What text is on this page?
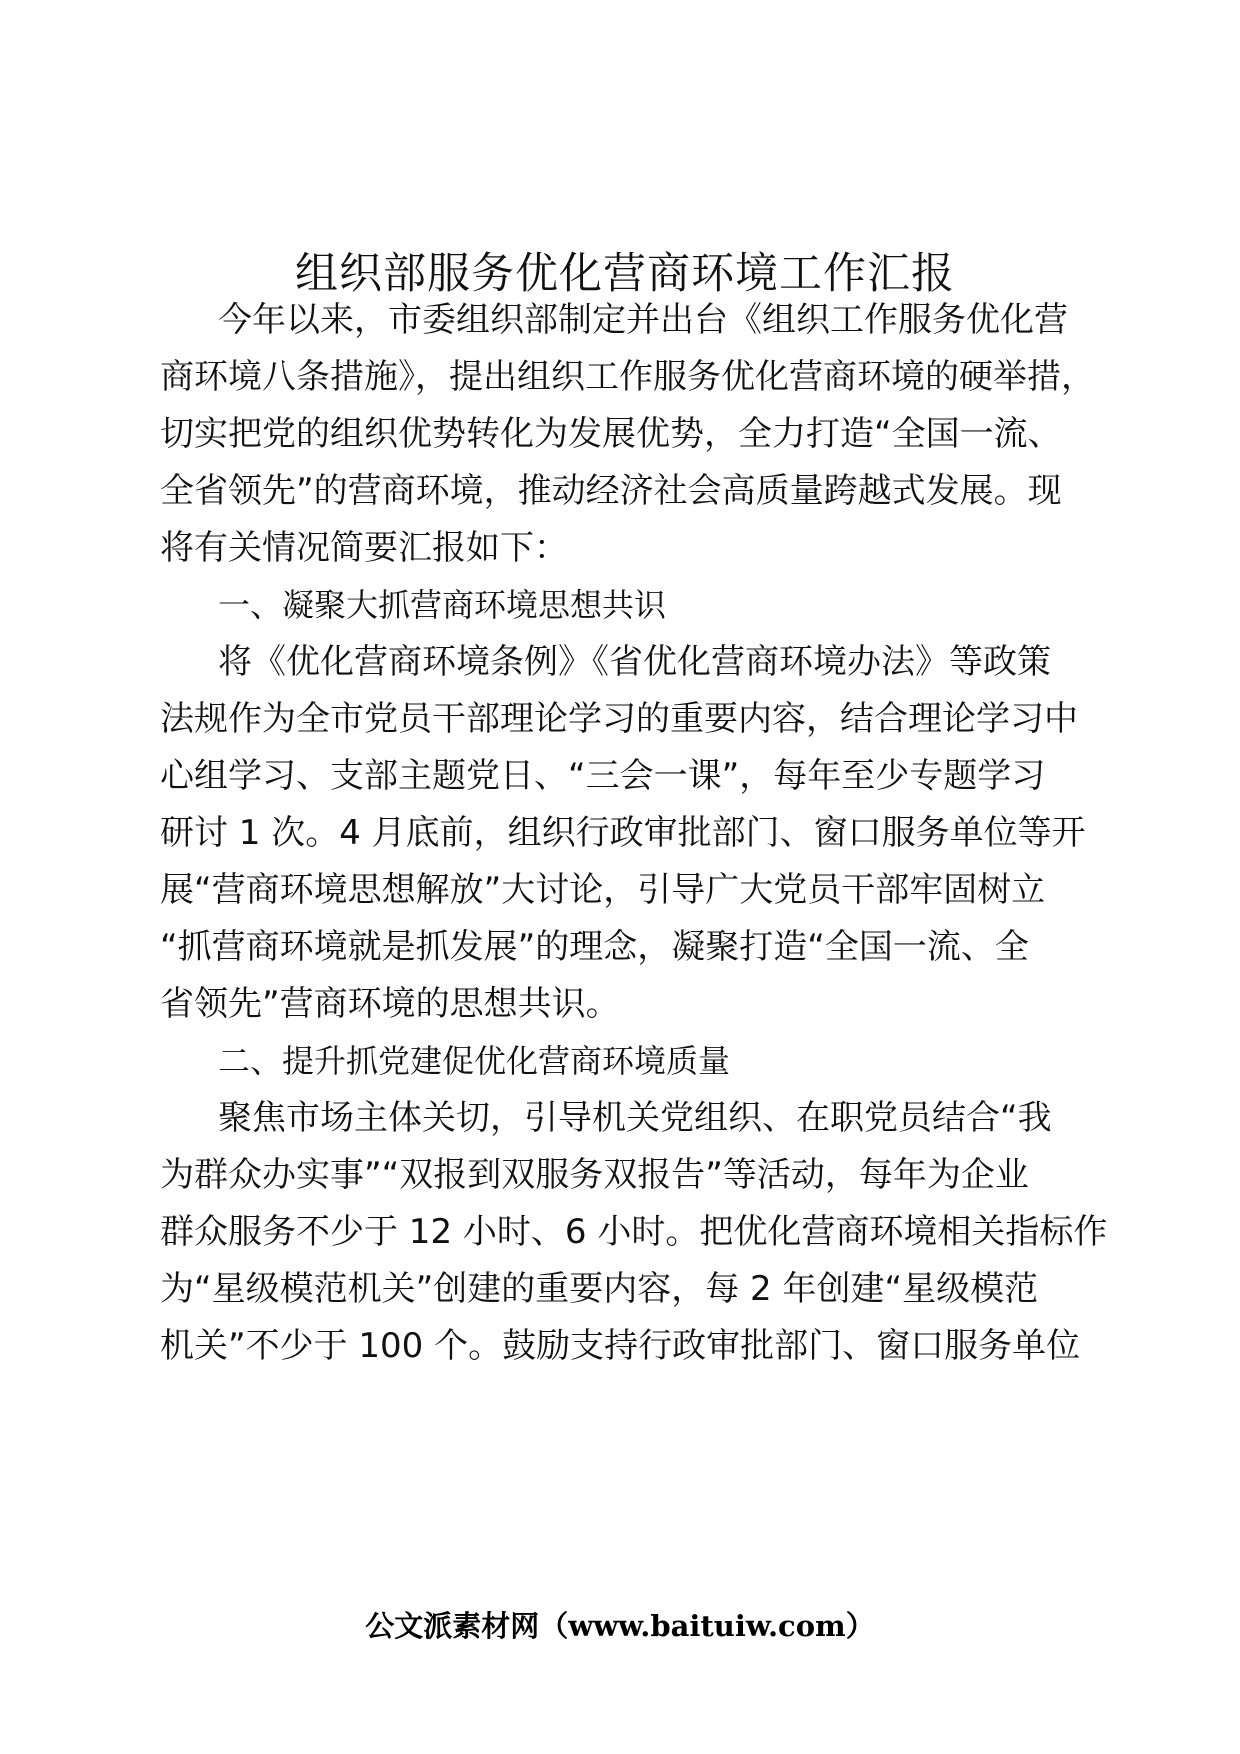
组织部服务优化营商环境工作汇报

今年以来，市委组织部制定并出台《组织工作服务优化营

商环境八条措施》，提出组织工作服务优化营商环境的硬举措，

切实把党的组织优势转化为发展优势，全力打造“全国一流、

全省领先”的营商环境，推动经济社会高质量跨越式发展。现

将有关情况简要汇报如下：

一、凝聚大抓营商环境思想共识

将《优化营商环境条例》《省优化营商环境办法》等政策

法规作为全市党员干部理论学习的重要内容，结合理论学习中

心组学习、支部主题党日、“三会一课”，每年至少专题学习

研讨 1 次。4 月底前，组织行政审批部门、窗口服务单位等开

展“营商环境思想解放”大讨论，引导广大党员干部牢固树立

“抓营商环境就是抓发展”的理念，凝聚打造“全国一流、全

省领先”营商环境的思想共识。

二、提升抓党建促优化营商环境质量

聚焦市场主体关切，引导机关党组织、在职党员结合“我

为群众办实事”“双报到双服务双报告”等活动，每年为企业

群众服务不少于 12 小时、6 小时。把优化营商环境相关指标作

为“星级模范机关”创建的重要内容，每 2 年创建“星级模范

机关”不少于 100 个。鼓励支持行政审批部门、窗口服务单位

公文派素材网（www.baituiw.com）
